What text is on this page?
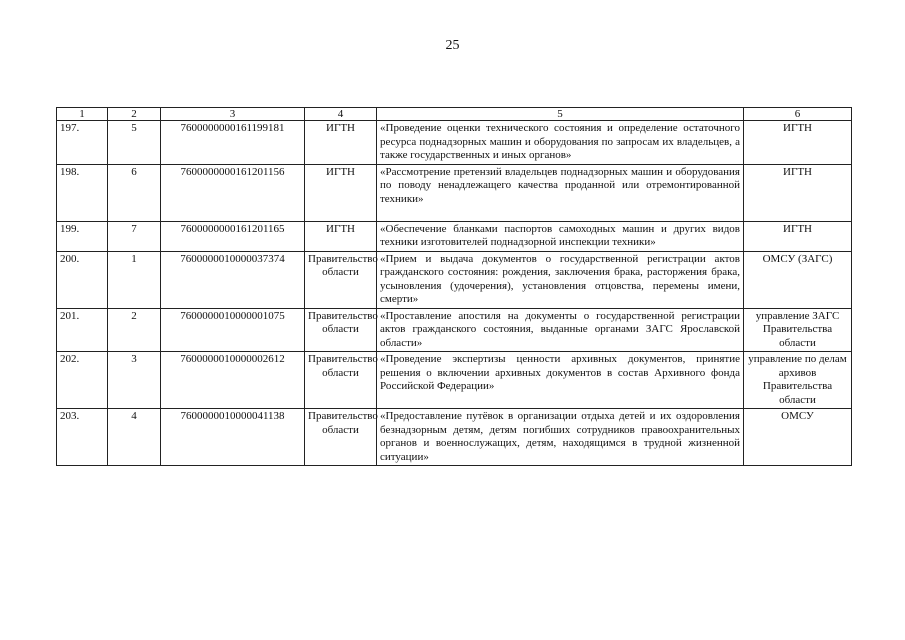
25
1	2	3	4	5	6
197.	5	7600000000161199181	ИГТН	«Проведение оценки технического состояния и определение остаточного ресурса поднадзорных машин и оборудования по запросам их владельцев, а также государственных и иных органов»	ИГТН
198.	6	7600000000161201156	ИГТН	«Рассмотрение претензий владельцев поднадзорных машин и оборудования по поводу ненадлежащего качества проданной или отремонтированной техники»	ИГТН
199.	7	7600000000161201165	ИГТН	«Обеспечение бланками паспортов самоходных машин и других видов техники изготовителей поднадзорной инспекции техники»	ИГТН
200.	1	7600000010000037374	Правительство области	«Прием и выдача документов о государственной регистрации актов гражданского состояния: рождения, заключения брака, расторжения брака, усыновления (удочерения), установления отцовства, перемены имени, смерти»	ОМСУ (ЗАГС)
201.	2	7600000010000001075	Правительство области	«Проставление апостиля на документы о государственной регистрации актов гражданского состояния, выданные органами ЗАГС Ярославской области»	управление ЗАГС Правительства области
202.	3	7600000010000002612	Правительство области	«Проведение экспертизы ценности архивных документов, принятие решения о включении архивных документов в состав Архивного фонда Российской Федерации»	управление по делам архивов Правительства области
203.	4	7600000010000041138	Правительство области	«Предоставление путёвок в организации отдыха детей и их оздоровления безнадзорным детям, детям погибших сотрудников правоохранительных органов и военнослужащих, детям, находящимся в трудной жизненной ситуации»	ОМСУ
